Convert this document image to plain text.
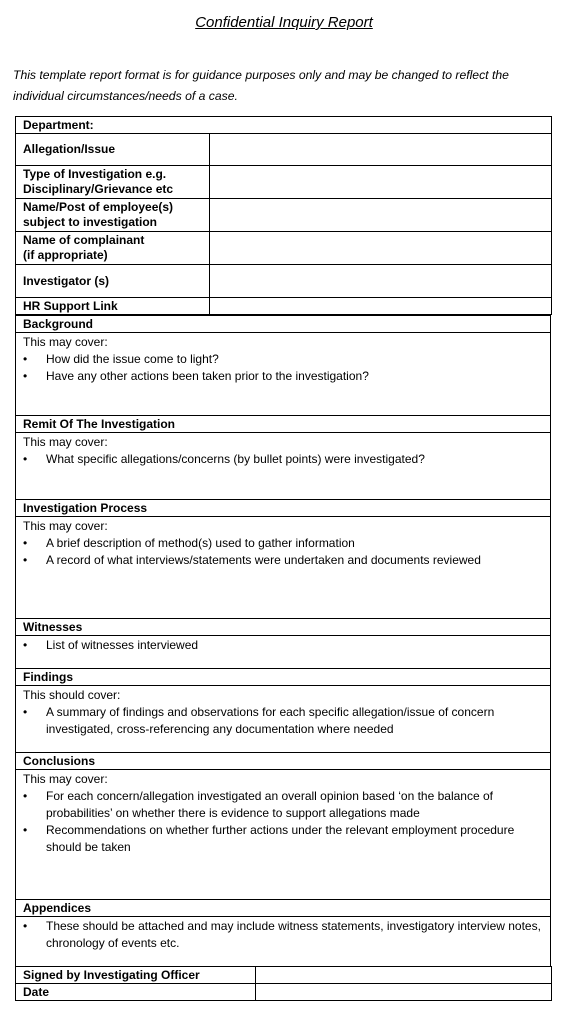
Confidential Inquiry Report

This template report format is for guidance purposes only and may be changed to reflect the individual circumstances/needs of a case.

Department:	
Allegation/Issue	
Type of Investigation e.g.
Disciplinary/Grievance etc	
Name/Post of employee(s)
subject to investigation	
Name of complainant
(if appropriate)	
Investigator (s)	
HR Support Link	
Background
This may cover:
• How did the issue come to light?
• Have any other actions been taken prior to the investigation?
Remit Of The Investigation
This may cover:
• What specific allegations/concerns (by bullet points) were investigated?
Investigation Process
This may cover:
• A brief description of method(s) used to gather information
• A record of what interviews/statements were undertaken and documents reviewed
Witnesses
• List of witnesses interviewed
Findings
This should cover:
• A summary of findings and observations for each specific allegation/issue of concern investigated, cross-referencing any documentation where needed
Conclusions
This may cover:
• For each concern/allegation investigated an overall opinion based ‘on the balance of probabilities’ on whether there is evidence to support allegations made
• Recommendations on whether further actions under the relevant employment procedure should be taken
Appendices
• These should be attached and may include witness statements, investigatory interview notes, chronology of events etc.
Signed by Investigating Officer	
Date	
